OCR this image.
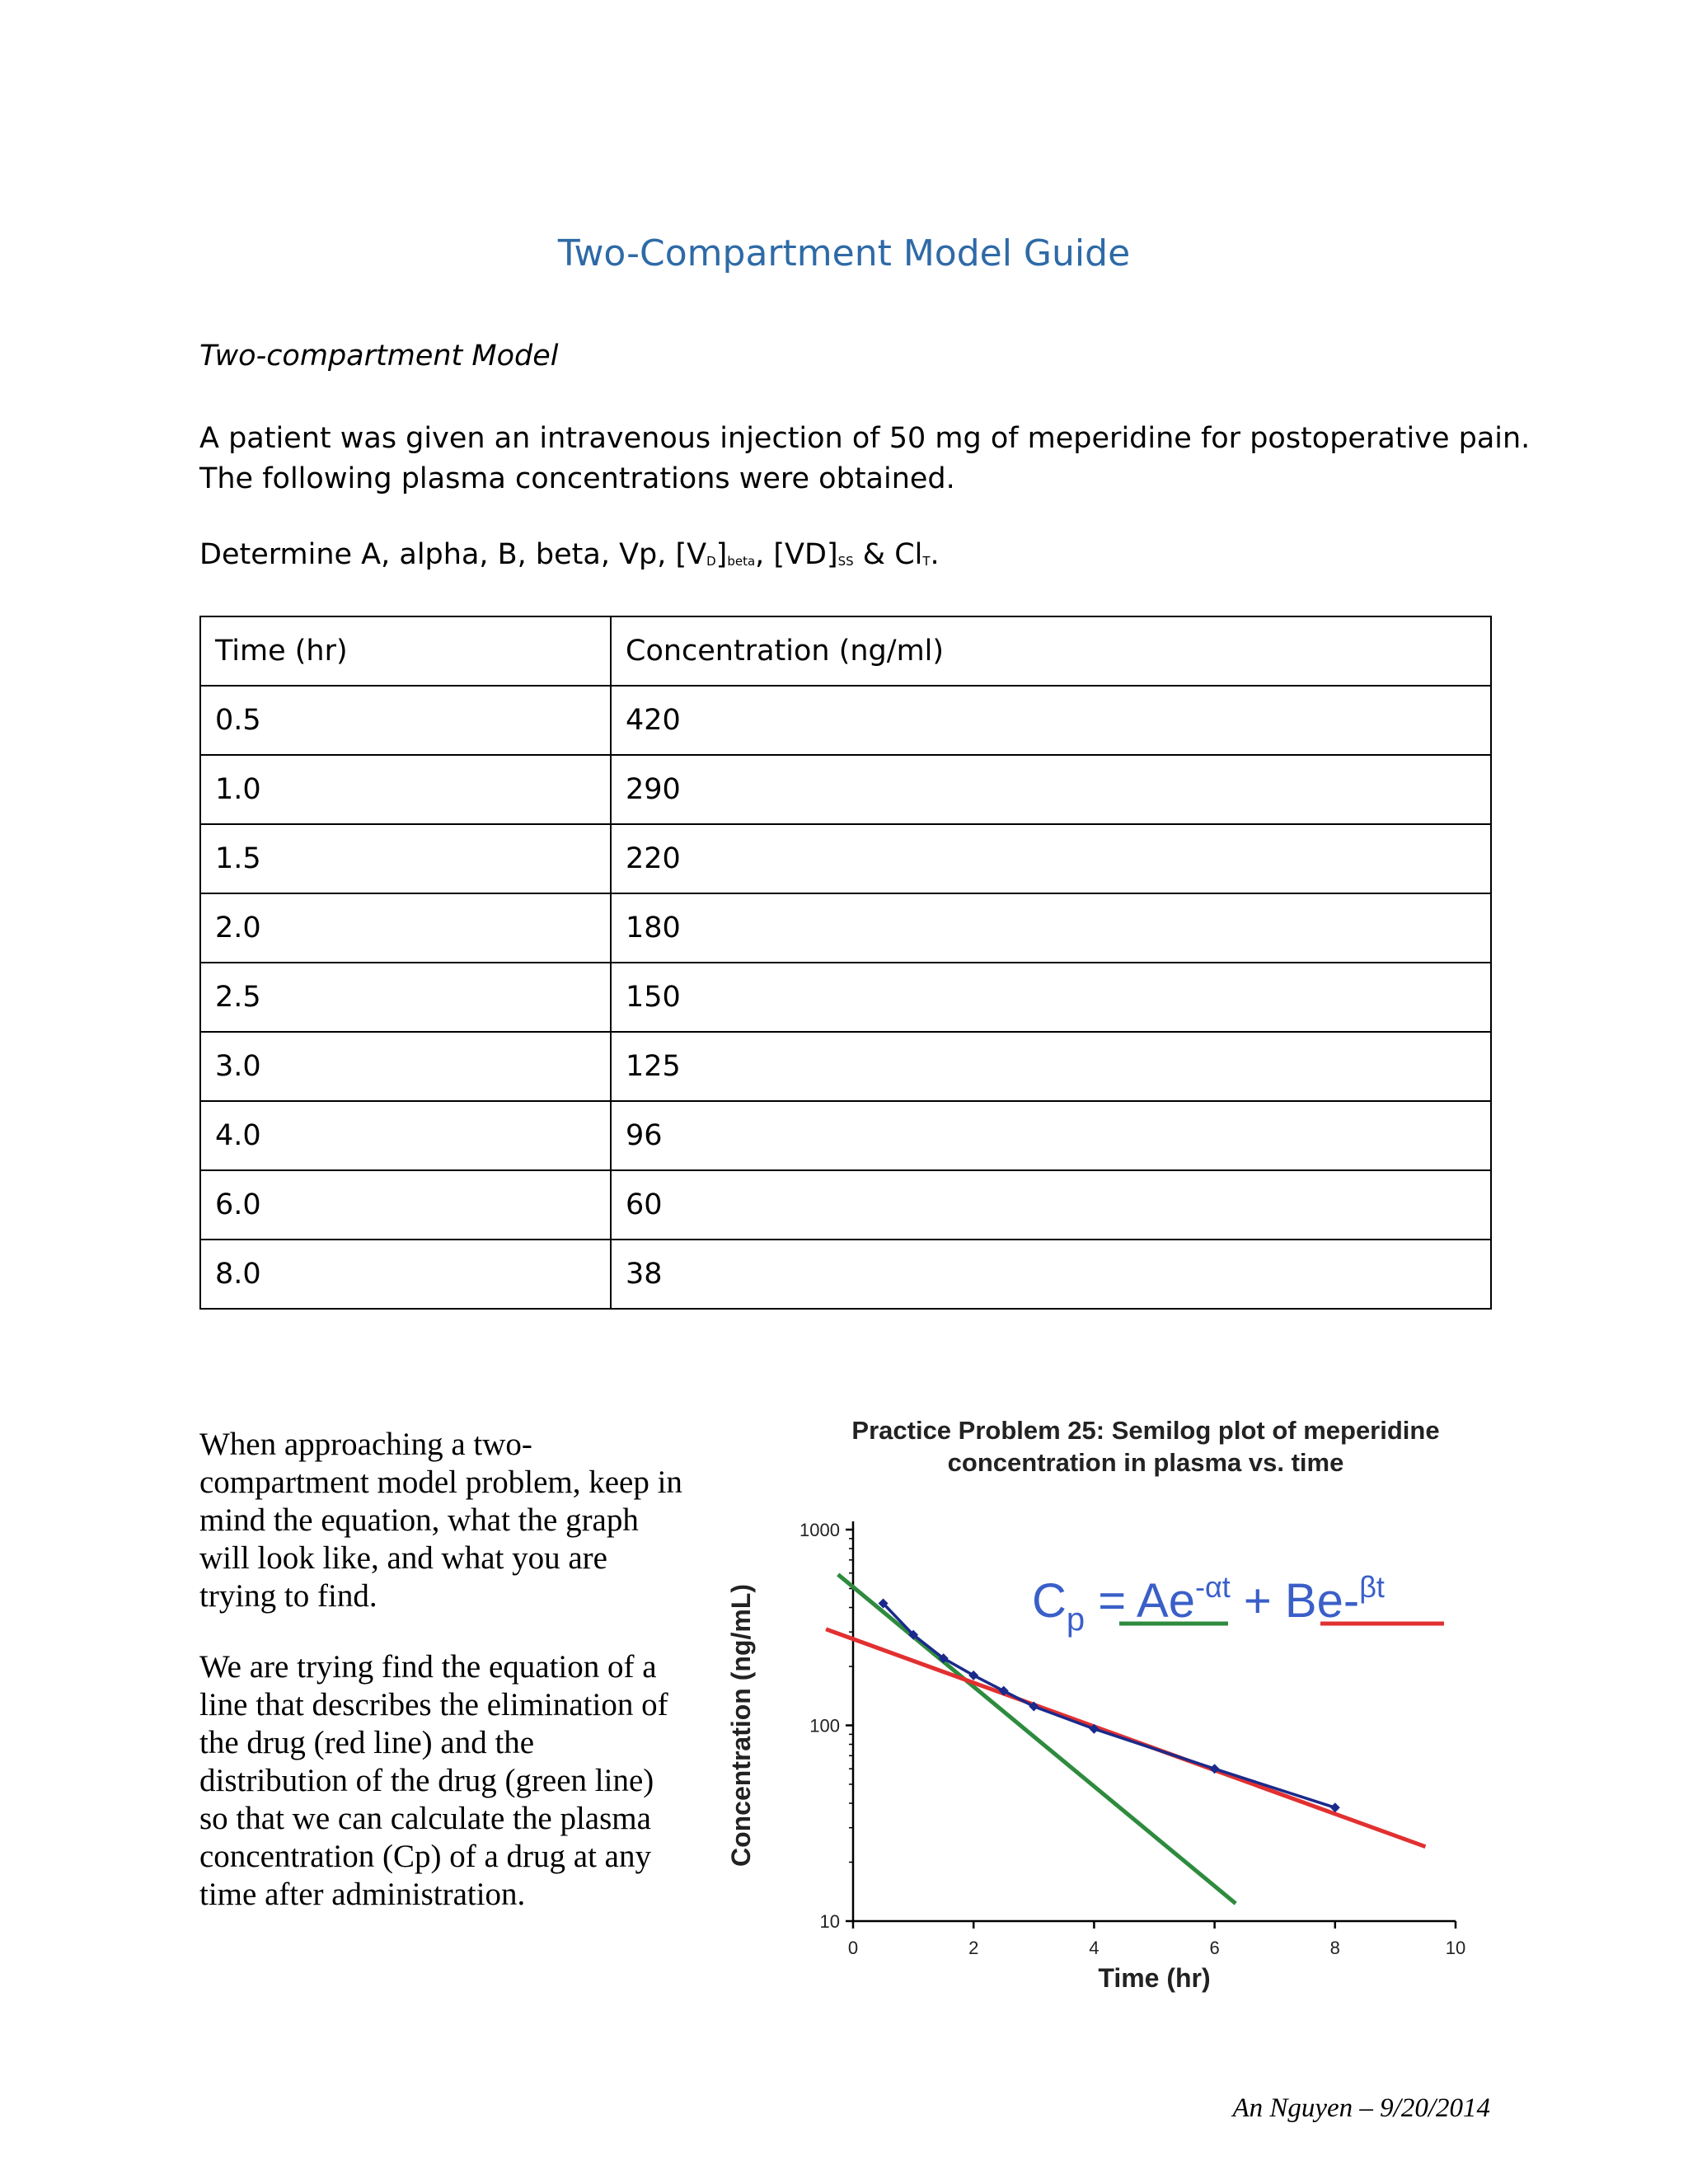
Two-Compartment Model Guide
Two-compartment Model
A patient was given an intravenous injection of 50 mg of meperidine for postoperative pain.
The following plasma concentrations were obtained.
Determine A, alpha, B, beta, Vp, $[V_D]_{beta}$, $[VD]_{SS}$ & $Cl_T$.
Time (hr)	Concentration (ng/ml)
0.5	420
1.0	290
1.5	220
2.0	180
2.5	150
3.0	125
4.0	96
6.0	60
8.0	38

When approaching a two-compartment model problem, keep in mind the equation, what the graph will look like, and what you are trying to find.

We are trying find the equation of a line that describes the elimination of the drug (red line) and the distribution of the drug (green line) so that we can calculate the plasma concentration (Cp) of a drug at any time after administration.

Practice Problem 25: Semilog plot of meperidine
concentration in plasma vs. time
10
100
1000
0	2	4	6	8	10
Time (hr)
Concentration (ng/mL)	$C_p = Ae^{-\alpha t} + Be-^{\beta t}$
An Nguyen – 9/20/2014
